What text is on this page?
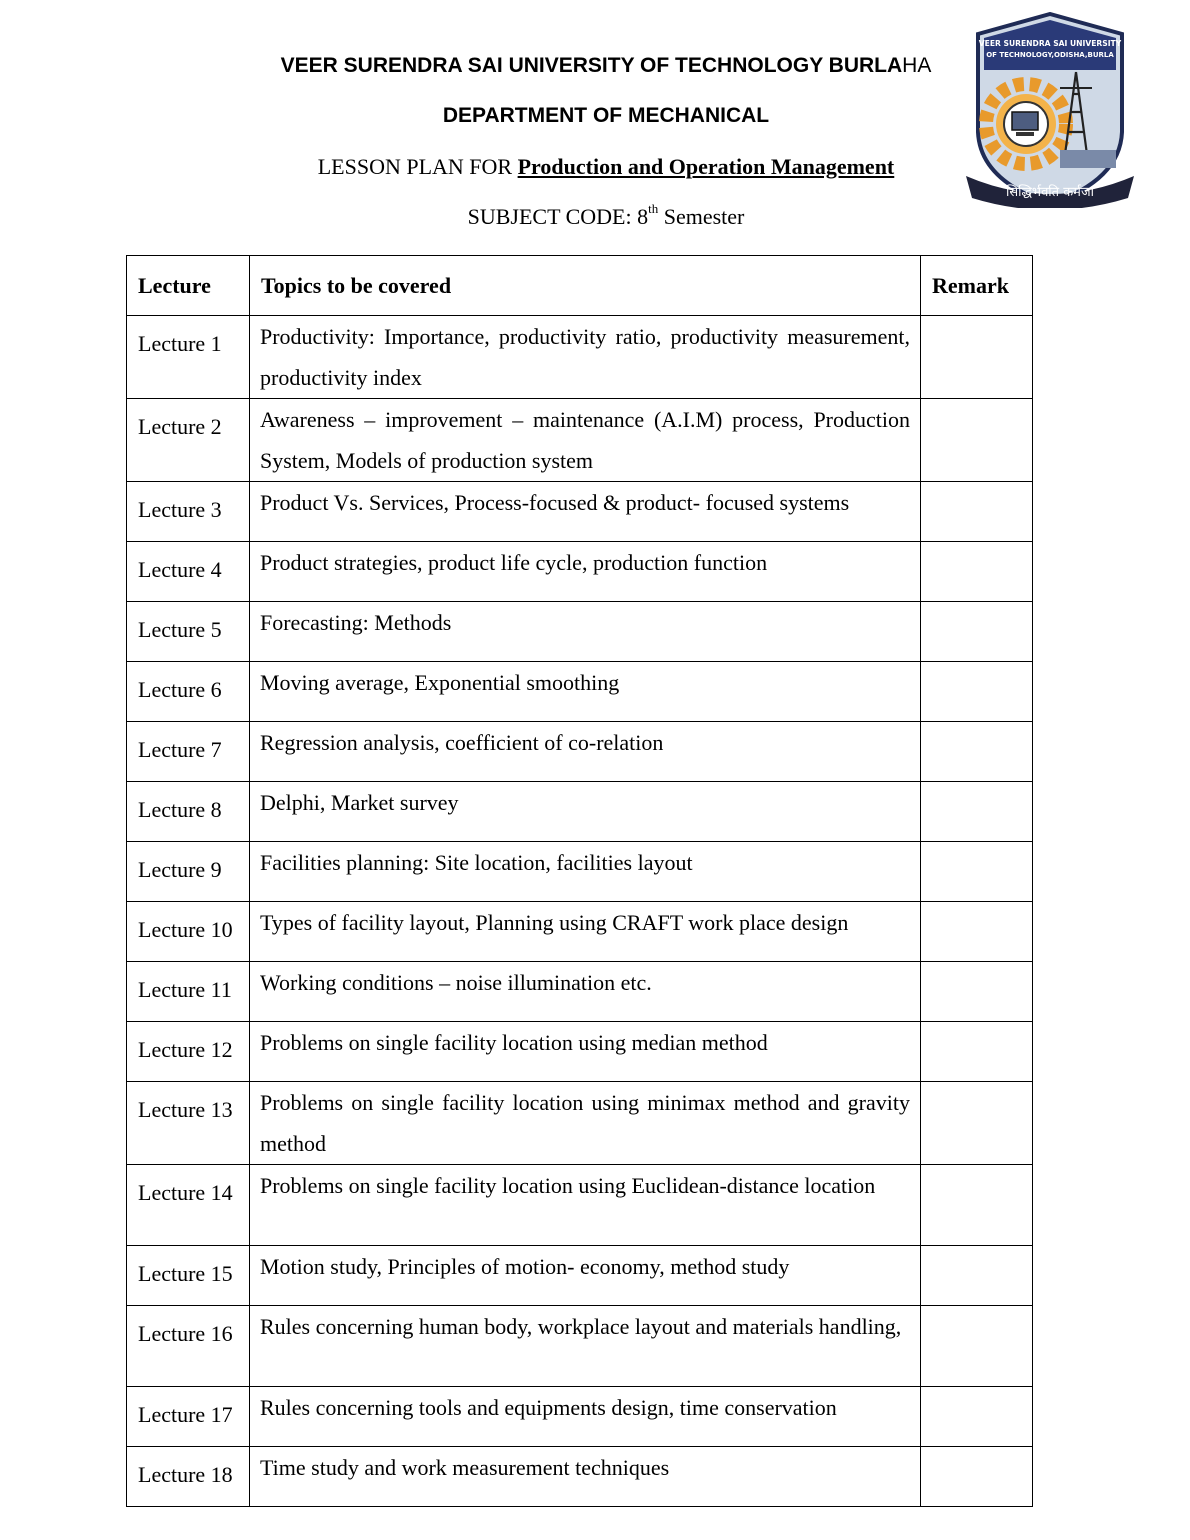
VEER SURENDRA SAI UNIVERSITY OF TECHNOLOGY BURLAHA
DEPARTMENT OF MECHANICAL
LESSON PLAN FOR Production and Operation Management
SUBJECT CODE: 8th Semester
VEER SURENDRA SAI UNIVERSITY
OF TECHNOLOGY,ODISHA,BURLA
सिद्धिर्भवति कर्मजा
Lecture	Topics to be covered	Remark
Lecture 1	Productivity: Importance, productivity ratio, productivity measurement, productivity index	
Lecture 2	Awareness – improvement – maintenance (A.I.M) process, Production System, Models of production system	
Lecture 3	Product Vs. Services, Process-focused & product- focused systems	
Lecture 4	Product strategies, product life cycle, production function	
Lecture 5	Forecasting: Methods	
Lecture 6	Moving average, Exponential smoothing	
Lecture 7	Regression analysis, coefficient of co-relation	
Lecture 8	Delphi, Market survey	
Lecture 9	Facilities planning: Site location, facilities layout	
Lecture 10	Types of facility layout, Planning using CRAFT work place design	
Lecture 11	Working conditions – noise illumination etc.	
Lecture 12	Problems on single facility location using median method	
Lecture 13	Problems on single facility location using minimax method and gravity method	
Lecture 14	Problems on single facility location using Euclidean-distance location	
Lecture 15	Motion study, Principles of motion- economy, method study	
Lecture 16	Rules concerning human body, workplace layout and materials handling,	
Lecture 17	Rules concerning tools and equipments design, time conservation	
Lecture 18	Time study and work measurement techniques	
